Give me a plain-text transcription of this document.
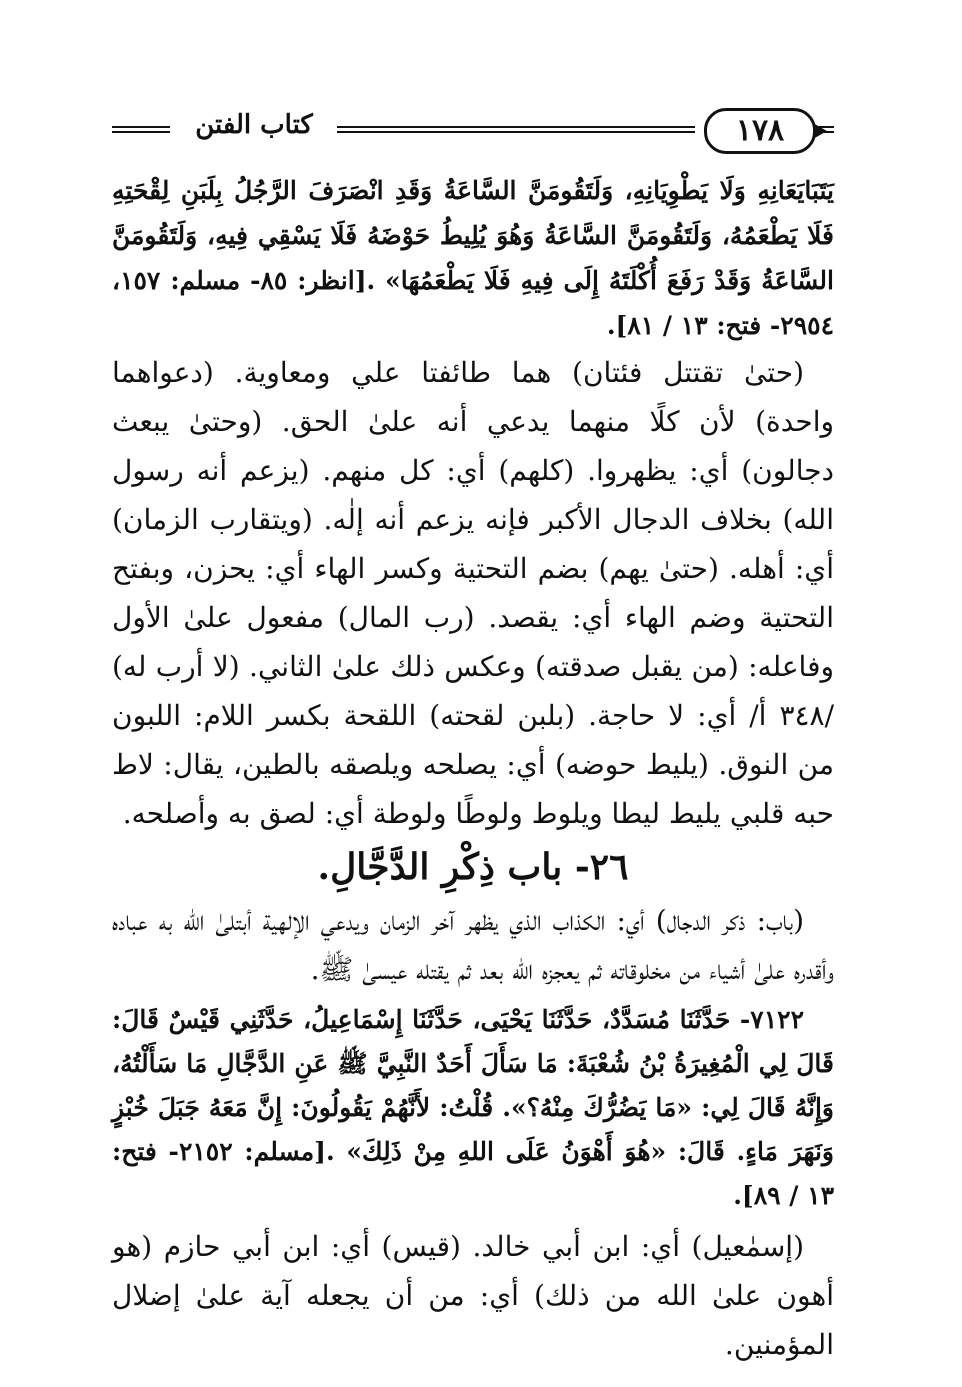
كتاب الفتن	١٧٨

يَتَبَايَعَانِهِ وَلَا يَطْوِيَانِهِ، وَلَتَقُومَنَّ السَّاعَةُ وَقَدِ انْصَرَفَ الرَّجُلُ بِلَبَنِ لِقْحَتِهِ فَلَا يَطْعَمُهُ، وَلَتَقُومَنَّ السَّاعَةُ وَهُوَ يُلِيطُ حَوْضَهُ فَلَا يَسْقِي فِيهِ، وَلَتَقُومَنَّ السَّاعَةُ وَقَدْ رَفَعَ أُكْلَتَهُ إِلَى فِيهِ فَلَا يَطْعَمُهَا» .[انظر: ٨٥- مسلم: ١٥٧، ٢٩٥٤- فتح: ١٣ / ٨١].

(حتىٰ تقتتل فئتان) هما طائفتا علي ومعاوية. (دعواهما واحدة) لأن كلًا منهما يدعي أنه علىٰ الحق. (وحتىٰ يبعث دجالون) أي: يظهروا. (كلهم) أي: كل منهم. (يزعم أنه رسول الله) بخلاف الدجال الأكبر فإنه يزعم أنه إلٰه. (ويتقارب الزمان) أي: أهله. (حتىٰ يهم) بضم التحتية وكسر الهاء أي: يحزن، وبفتح التحتية وضم الهاء أي: يقصد. (رب المال) مفعول علىٰ الأول وفاعله: (من يقبل صدقته) وعكس ذلك علىٰ الثاني. (لا أرب له) /٣٤٨ أ/ أي: لا حاجة. (بلبن لقحته) اللقحة بكسر اللام: اللبون من النوق. (يليط حوضه) أي: يصلحه ويلصقه بالطين، يقال: لاط حبه قلبي يليط ليطا ويلوط ولوطًا ولوطة أي: لصق به وأصلحه.

٢٦- باب ذِكْرِ الدَّجَّالِ.

(باب: ذكر الدجال) أي: الكذاب الذي يظهر آخر الزمان ويدعي الإلهية أبتلىٰ الله به عباده وأقدره علىٰ أشياء من مخلوقاته ثم يعجزه الله بعد ثم يقتله عيسىٰ ﷺ.

٧١٢٢- حَدَّثَنَا مُسَدَّدٌ، حَدَّثَنَا يَحْيَى، حَدَّثَنَا إِسْمَاعِيلُ، حَدَّثَنِي قَيْسٌ قَالَ: قَالَ لِي الْمُغِيرَةُ بْنُ شُعْبَةَ: مَا سَأَلَ أَحَدٌ النَّبِيَّ ﷺ عَنِ الدَّجَّالِ مَا سَأَلْتُهُ، وَإِنَّهُ قَالَ لِي: «مَا يَضُرُّكَ مِنْهُ؟». قُلْتُ: لأَنَّهُمْ يَقُولُونَ: إِنَّ مَعَهُ جَبَلَ خُبْزٍ وَنَهَرَ مَاءٍ. قَالَ: «هُوَ أَهْوَنُ عَلَى اللهِ مِنْ ذَلِكَ» .[مسلم: ٢١٥٢- فتح: ١٣ / ٨٩].

(إسمٰعيل) أي: ابن أبي خالد. (قيس) أي: ابن أبي حازم (هو أهون علىٰ الله من ذلك) أي: من أن يجعله آية علىٰ إضلال المؤمنين.
